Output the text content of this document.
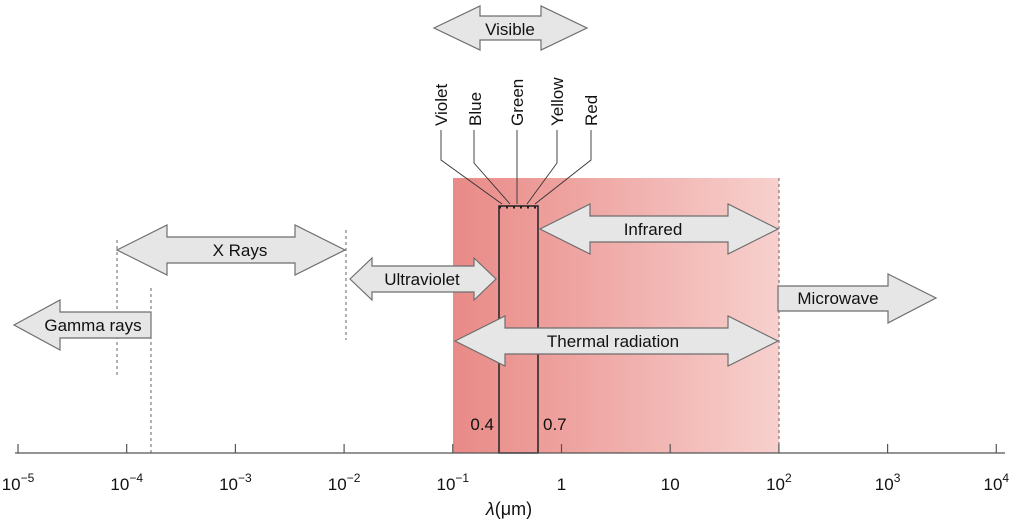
Visible
Gamma rays
X Rays
Ultraviolet
Infrared
Microwave
Thermal radiation
Violet Blue Green Yellow Red
0.4	0.7
$10^{-5}$	$10^{-4}$	$10^{-3}$	$10^{-2}$	$10^{-1}$	1	10	$10^2$	$10^3$	$10^4$
λ(μm)
